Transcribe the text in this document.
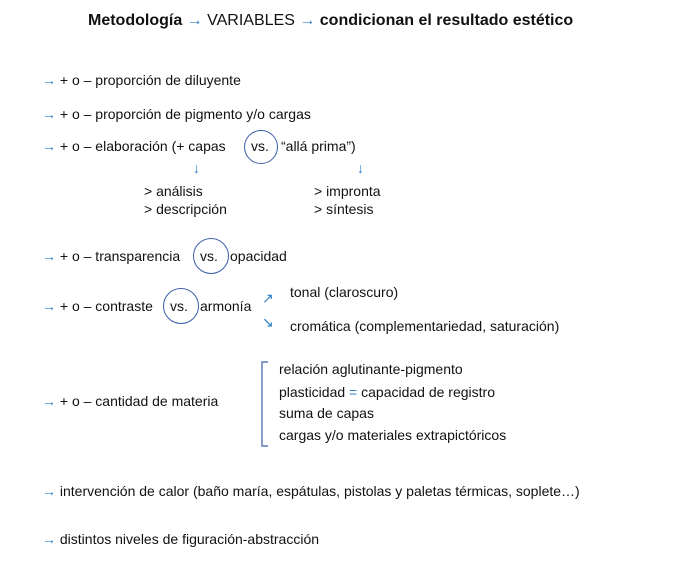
Metodología → VARIABLES → condicionan el resultado estético
→ + o – proporción de diluyente
→ + o – proporción de pigmento y/o cargas
→ + o – elaboración (+ capas vs. “allá prima”)
↓	↓
> análisis
> descripción
> impronta
> síntesis
→ + o – transparencia vs. opacidad
→ + o – contraste vs. armonía ↗
↘
tonal (claroscuro)
cromática (complementariedad, saturación)
→ + o – cantidad de materia
relación aglutinante-pigmento
plasticidad = capacidad de registro
suma de capas
cargas y/o materiales extrapictóricos
→ intervención de calor (baño maría, espátulas, pistolas y paletas térmicas, soplete…)
→ distintos niveles de figuración-abstracción
